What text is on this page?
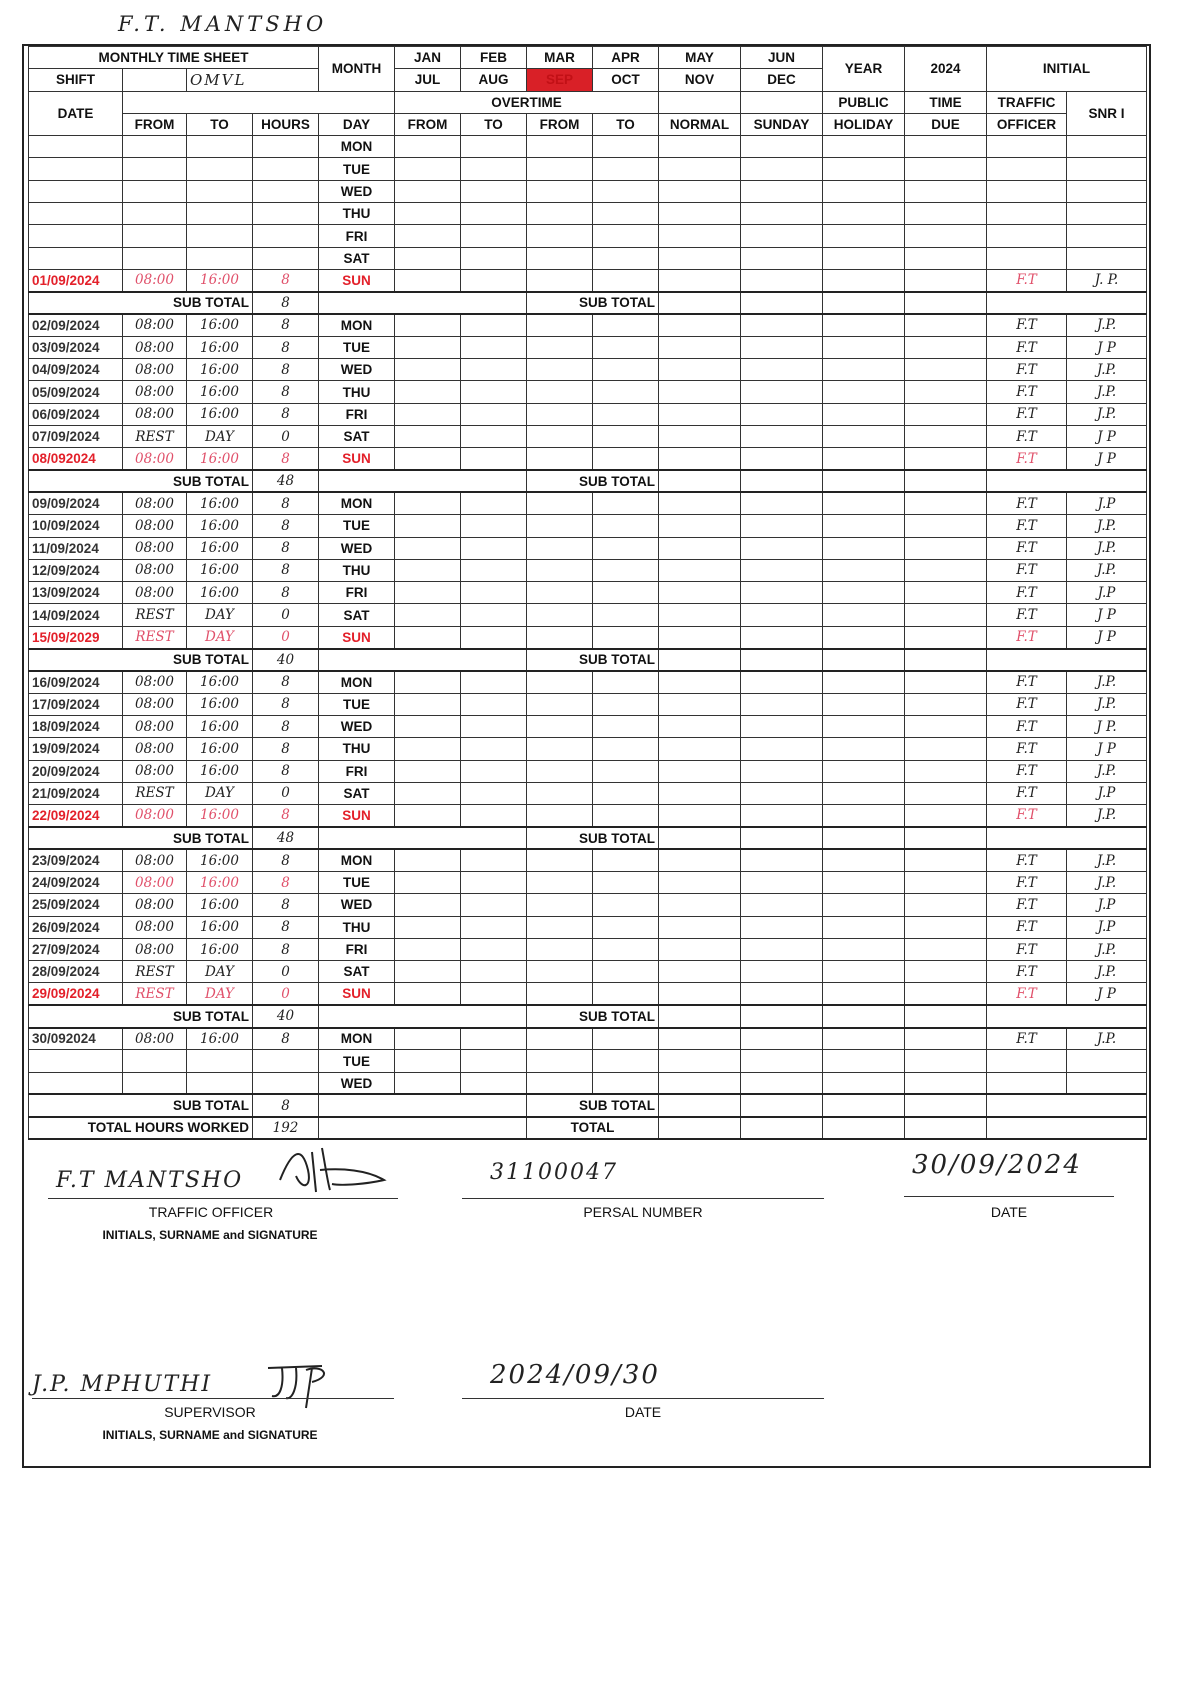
F.T. MANTSHO
MONTHLY TIME SHEET				MONTH	JAN	FEB	MAR	APR	MAY	JUN	YEAR	2024	INITIAL	
SHIFT		OMVL			JUL	AUG	SEP	OCT	NOV	DEC				
DATE					OVERTIME						PUBLIC	TIME	TRAFFIC	SNR I
	FROM	TO	HOURS	DAY	FROM	TO	FROM	TO	NORMAL	SUNDAY	HOLIDAY	DUE	OFFICER	
				MON										
				TUE										
				WED										
				THU										
				FRI										
				SAT										
01/09/2024	08:00	16:00	8	SUN									F.T	J. P.
SUB TOTAL			8				SUB TOTAL							
02/09/2024	08:00	16:00	8	MON									F.T	J.P.
03/09/2024	08:00	16:00	8	TUE									F.T	J P
04/09/2024	08:00	16:00	8	WED									F.T	J.P.
05/09/2024	08:00	16:00	8	THU									F.T	J.P.
06/09/2024	08:00	16:00	8	FRI									F.T	J.P.
07/09/2024	REST	DAY	0	SAT									F.T	J P
08/092024	08:00	16:00	8	SUN									F.T	J P
SUB TOTAL			48				SUB TOTAL							
09/09/2024	08:00	16:00	8	MON									F.T	J.P
10/09/2024	08:00	16:00	8	TUE									F.T	J.P.
11/09/2024	08:00	16:00	8	WED									F.T	J.P.
12/09/2024	08:00	16:00	8	THU									F.T	J.P.
13/09/2024	08:00	16:00	8	FRI									F.T	J.P
14/09/2024	REST	DAY	0	SAT									F.T	J P
15/09/2029	REST	DAY	0	SUN									F.T	J P
SUB TOTAL			40				SUB TOTAL							
16/09/2024	08:00	16:00	8	MON									F.T	J.P.
17/09/2024	08:00	16:00	8	TUE									F.T	J.P.
18/09/2024	08:00	16:00	8	WED									F.T	J P.
19/09/2024	08:00	16:00	8	THU									F.T	J P
20/09/2024	08:00	16:00	8	FRI									F.T	J.P.
21/09/2024	REST	DAY	0	SAT									F.T	J.P
22/09/2024	08:00	16:00	8	SUN									F.T	J.P.
SUB TOTAL			48				SUB TOTAL							
23/09/2024	08:00	16:00	8	MON									F.T	J.P.
24/09/2024	08:00	16:00	8	TUE									F.T	J.P.
25/09/2024	08:00	16:00	8	WED									F.T	J.P
26/09/2024	08:00	16:00	8	THU									F.T	J.P
27/09/2024	08:00	16:00	8	FRI									F.T	J.P.
28/09/2024	REST	DAY	0	SAT									F.T	J.P.
29/09/2024	REST	DAY	0	SUN									F.T	J P
SUB TOTAL			40				SUB TOTAL							
30/092024	08:00	16:00	8	MON									F.T	J.P.
				TUE										
				WED										
SUB TOTAL			8				SUB TOTAL							
TOTAL HOURS WORKED			192				TOTAL							
F.T MANTSHO
TRAFFIC OFFICER
INITIALS, SURNAME and SIGNATURE
31100047
PERSAL NUMBER
30/09/2024
DATE
J.P. MPHUTHI
SUPERVISOR
INITIALS, SURNAME and SIGNATURE
2024/09/30
DATE
